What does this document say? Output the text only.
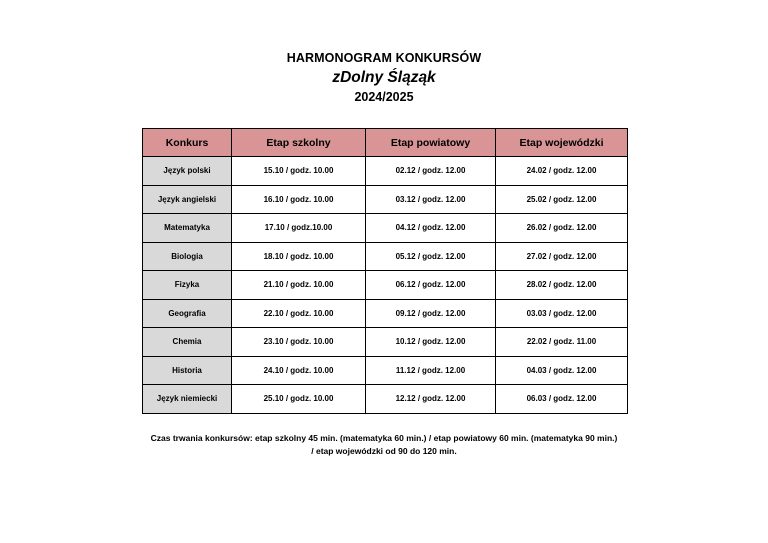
HARMONOGRAM KONKURSÓW
zDolny Śląząk
2024/2025
Konkurs	Etap szkolny	Etap powiatowy	Etap wojewódzki
Język polski	15.10 / godz. 10.00	02.12 / godz. 12.00	24.02 / godz. 12.00
Język angielski	16.10 / godz. 10.00	03.12 / godz. 12.00	25.02 / godz. 12.00
Matematyka	17.10 / godz.10.00	04.12 / godz. 12.00	26.02 / godz. 12.00
Biologia	18.10 / godz. 10.00	05.12 / godz. 12.00	27.02 / godz. 12.00
Fizyka	21.10 / godz. 10.00	06.12 / godz. 12.00	28.02 / godz. 12.00
Geografia	22.10 / godz. 10.00	09.12 / godz. 12.00	03.03 / godz. 12.00
Chemia	23.10 / godz. 10.00	10.12 / godz. 12.00	22.02 / godz. 11.00
Historia	24.10 / godz. 10.00	11.12 / godz. 12.00	04.03 / godz. 12.00
Język niemiecki	25.10 / godz. 10.00	12.12 / godz. 12.00	06.03 / godz. 12.00
Czas trwania konkursów: etap szkolny 45 min. (matematyka 60 min.) / etap powiatowy 60 min. (matematyka 90 min.)
/ etap wojewódzki od 90 do 120 min.
